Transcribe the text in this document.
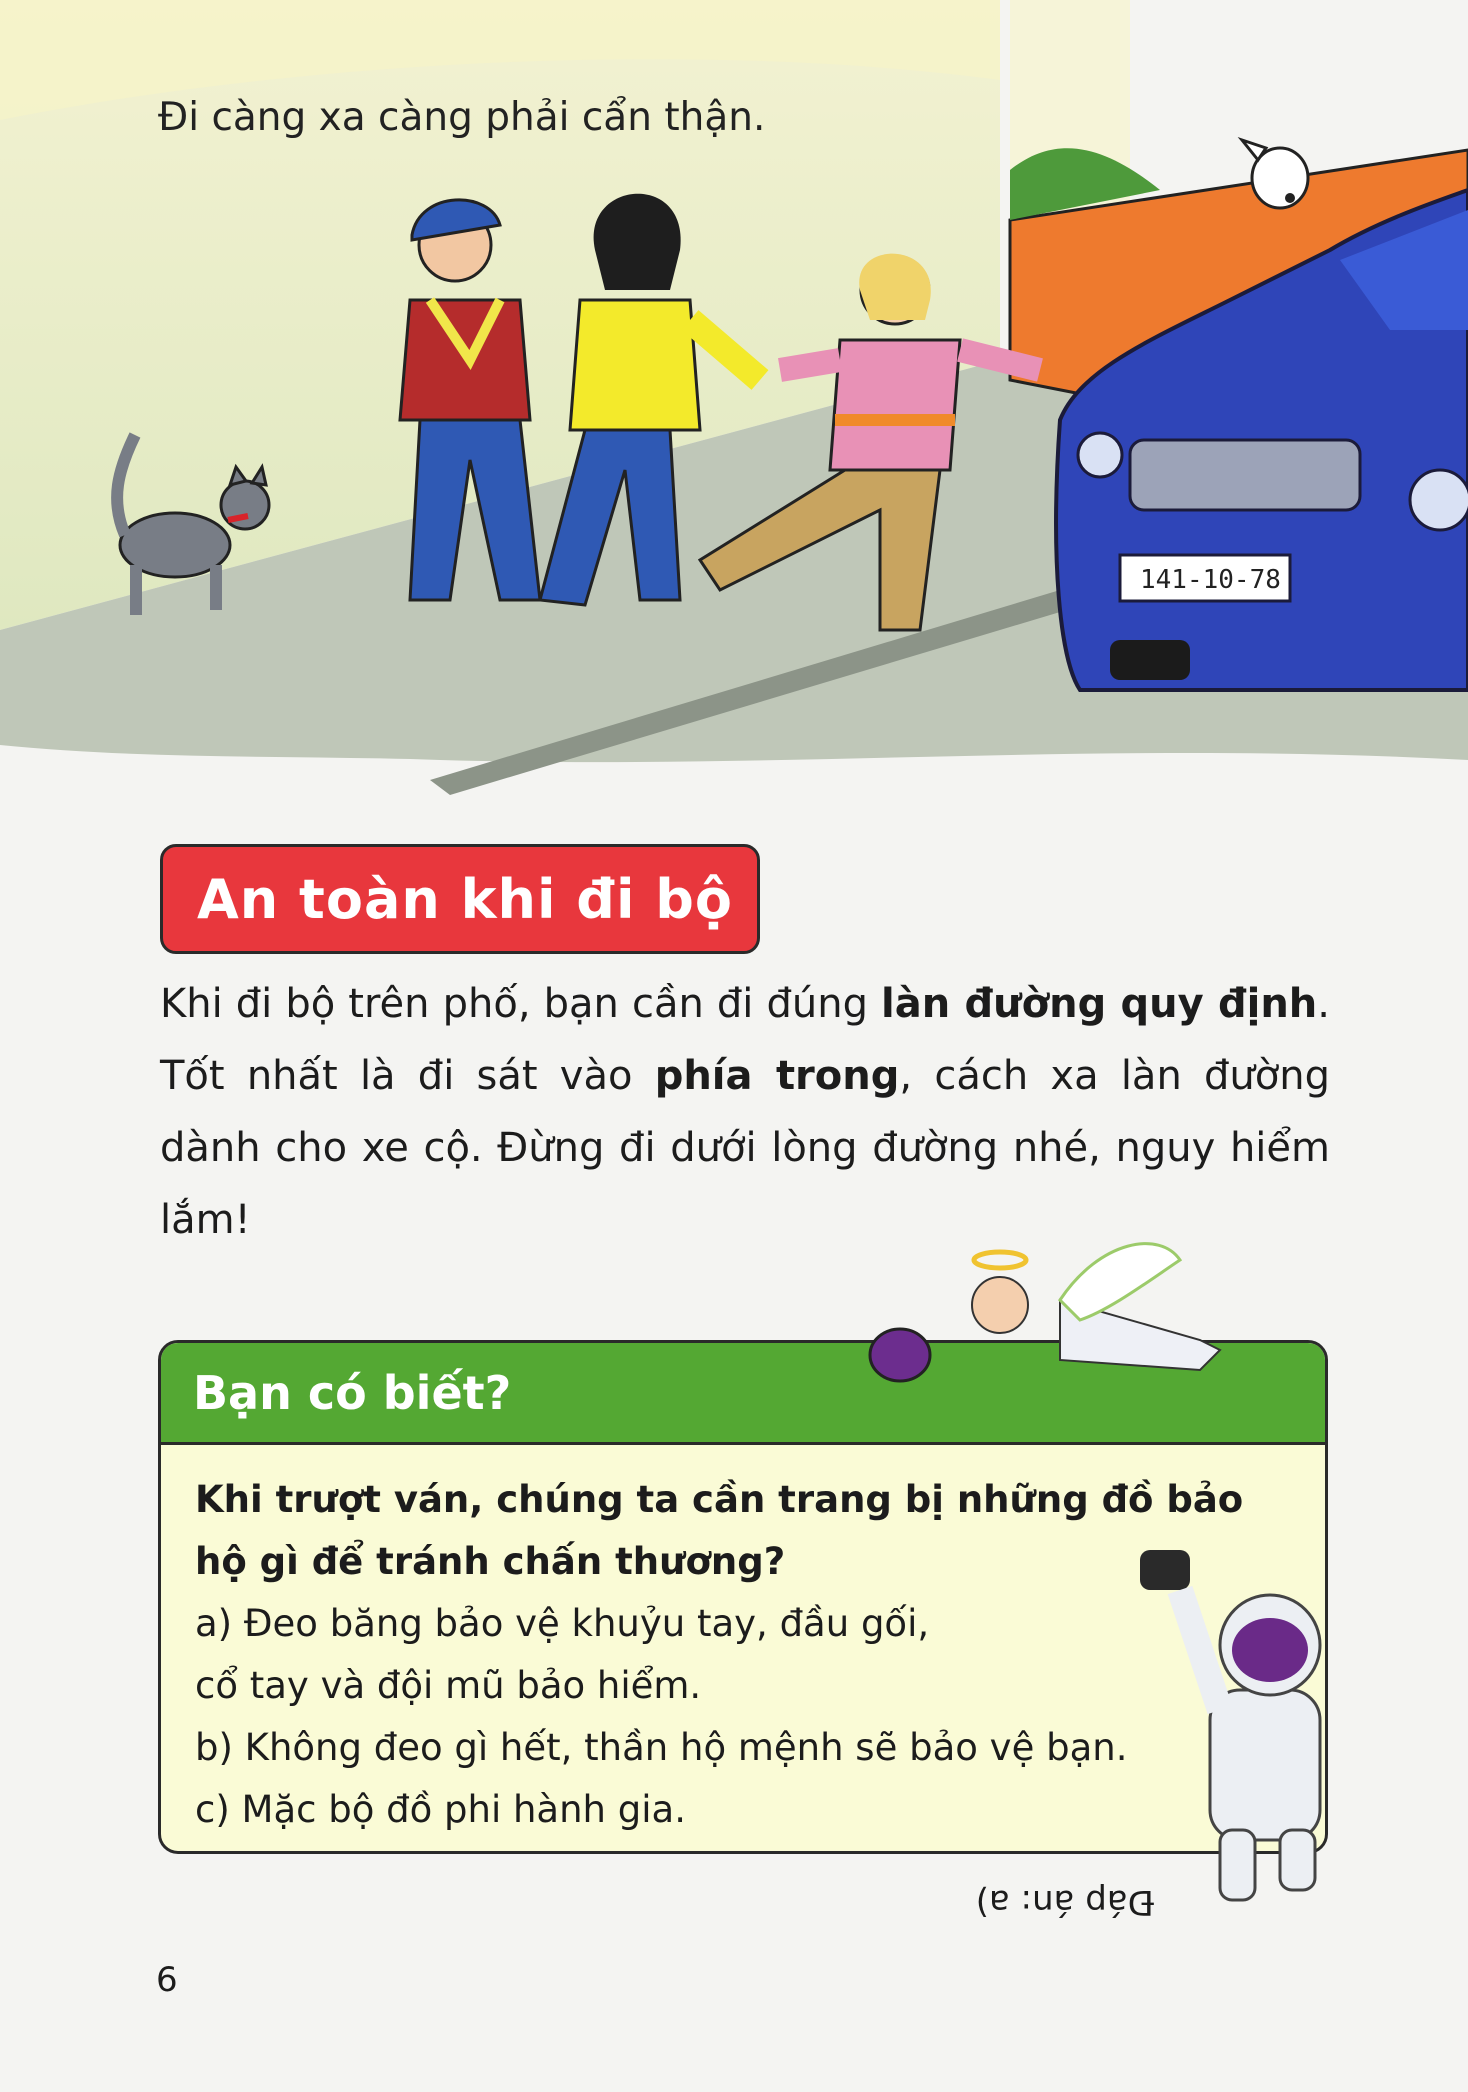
141-10-78

Đi càng xa càng phải cẩn thận.

An toàn khi đi bộ

Khi đi bộ trên phố, bạn cần đi đúng làn đường quy định. Tốt nhất là đi sát vào phía trong, cách xa làn đường dành cho xe cộ. Đừng đi dưới lòng đường nhé, nguy hiểm lắm!

Bạn có biết?

Khi trượt ván, chúng ta cần trang bị những đồ bảo hộ gì để tránh chấn thương?

a) Đeo băng bảo vệ khuỷu tay, đầu gối,
cổ tay và đội mũ bảo hiểm.
b) Không đeo gì hết, thần hộ mệnh sẽ bảo vệ bạn.
c) Mặc bộ đồ phi hành gia.

Đáp án: a)

6
